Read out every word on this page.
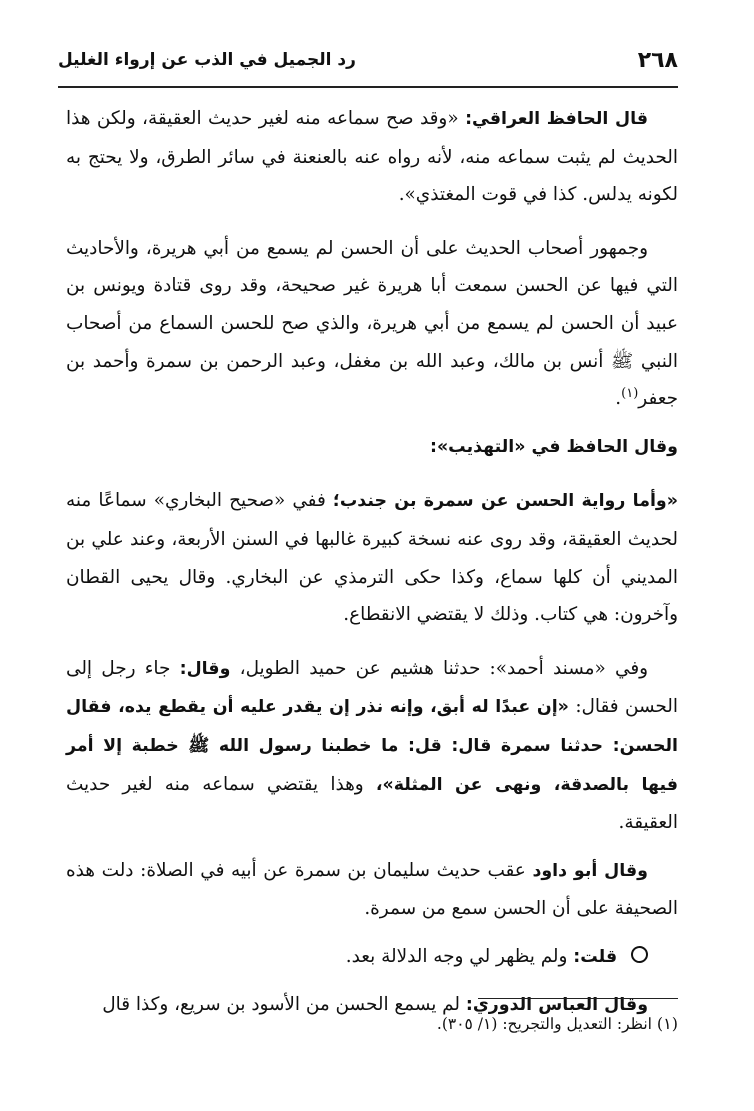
٢٦٨
رد الجميل في الذب عن إرواء الغليل

قال الحافظ العراقي: «وقد صح سماعه منه لغير حديث العقيقة، ولكن هذا الحديث لم يثبت سماعه منه، لأنه رواه عنه بالعنعنة في سائر الطرق، ولا يحتج به لكونه يدلس. كذا في قوت المغتذي».

وجمهور أصحاب الحديث على أن الحسن لم يسمع من أبي هريرة، والأحاديث التي فيها عن الحسن سمعت أبا هريرة غير صحيحة، وقد روى قتادة ويونس بن عبيد أن الحسن لم يسمع من أبي هريرة، والذي صح للحسن السماع من أصحاب النبي ﷺ أنس بن مالك، وعبد الله بن مغفل، وعبد الرحمن بن سمرة وأحمد بن جعفر$^{(١)}$.

وقال الحافظ في «التهذيب»:

«وأما رواية الحسن عن سمرة بن جندب؛ ففي «صحيح البخاري» سماعًا منه لحديث العقيقة، وقد روى عنه نسخة كبيرة غالبها في السنن الأربعة، وعند علي بن المديني أن كلها سماع، وكذا حكى الترمذي عن البخاري. وقال يحيى القطان وآخرون: هي كتاب. وذلك لا يقتضي الانقطاع.

وفي «مسند أحمد»: حدثنا هشيم عن حميد الطويل، وقال: جاء رجل إلى الحسن فقال: «إن عبدًا له أبق، وإنه نذر إن يقدر عليه أن يقطع يده، فقال الحسن: حدثنا سمرة قال: قل: ما خطبنا رسول الله ﷺ خطبة إلا أمر فيها بالصدقة، ونهى عن المثلة»، وهذا يقتضي سماعه منه لغير حديث العقيقة.

وقال أبو داود عقب حديث سليمان بن سمرة عن أبيه في الصلاة: دلت هذه الصحيفة على أن الحسن سمع من سمرة.

قلت: ولم يظهر لي وجه الدلالة بعد.

وقال العباس الدوري: لم يسمع الحسن من الأسود بن سريع، وكذا قال

(١) انظر: التعديل والتجريح: (١/ ٣٠٥).
